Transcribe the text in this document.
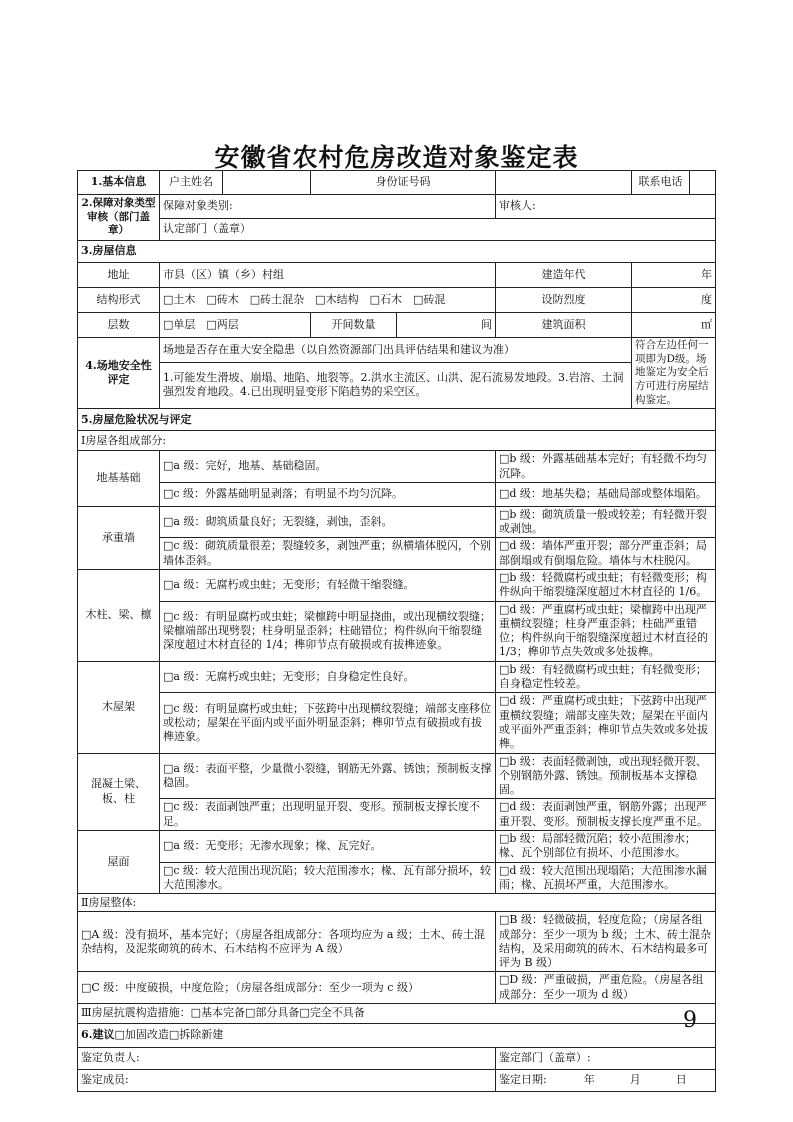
安徽省农村危房改造对象鉴定表
1.基本信息	户主姓名		身份证号码			联系电话	
2.保障对象类型审核（部门盖章）	保障对象类别:				审核人:		
	认定部门（盖章）						
3.房屋信息							
地址	市县（区）镇（乡）村组				建造年代	年	
结构形式	□土木　□砖木　□砖土混杂　□木结构　□石木　□砖混				设防烈度	度	
层数	□单层　□两层		开间数量	间	建筑面积	㎡	
4.场地安全性评定	场地是否存在重大安全隐患（以自然资源部门出具评估结果和建议为准）					符合左边任何一项即为D级。场地鉴定为安全后方可进行房屋结构鉴定。	
	1.可能发生滑坡、崩塌、地陷、地裂等。2.洪水主流区、山洪、泥石流易发地段。3.岩溶、土洞强烈发育地段。4.已出现明显变形下陷趋势的采空区。						
5.房屋危险状况与评定							
Ⅰ房屋各组成部分:							
地基基础	□a 级：完好，地基、基础稳固。				□b 级：外露基础基本完好；有轻微不均匀沉降。		
	□c 级：外露基础明显剥落；有明显不均匀沉降。				□d 级：地基失稳；基础局部或整体塌陷。		
承重墙	□a 级：砌筑质量良好；无裂缝，剥蚀，歪斜。				□b 级：砌筑质量一般或较差；有轻微开裂或剥蚀。		
	□c 级：砌筑质量很差；裂缝较多，剥蚀严重；纵横墙体脱闪，个别墙体歪斜。				□d 级：墙体严重开裂；部分严重歪斜；局部倒塌或有倒塌危险。墙体与木柱脱闪。		
木柱、梁、檩	□a 级：无腐朽或虫蛀；无变形；有轻微干缩裂缝。				□b 级：轻微腐朽或虫蛀；有轻微变形；构件纵向干缩裂缝深度超过木材直径的 1/6。		
	□c 级：有明显腐朽或虫蛀；梁檩跨中明显挠曲，或出现横纹裂缝；梁檩端部出现劈裂；柱身明显歪斜；柱础错位；构件纵向干缩裂缝深度超过木材直径的 1/4；榫卯节点有破损或有拔榫迹象。				□d 级：严重腐朽或虫蛀；梁檩跨中出现严重横纹裂缝；柱身严重歪斜；柱础严重错位；构件纵向干缩裂缝深度超过木材直径的 1/3；榫卯节点失效或多处拔榫。		
木屋架	□a 级：无腐朽或虫蛀；无变形；自身稳定性良好。				□b 级：有轻微腐朽或虫蛀；有轻微变形；自身稳定性较差。		
	□c 级：有明显腐朽或虫蛀；下弦跨中出现横纹裂缝；端部支座移位或松动；屋架在平面内或平面外明显歪斜；榫卯节点有破损或有拔榫迹象。				□d 级：严重腐朽或虫蛀；下弦跨中出现严重横纹裂缝；端部支座失效；屋架在平面内或平面外严重歪斜；榫卯节点失效或多处拔榫。		
混凝土梁、板、柱	□a 级：表面平整，少量微小裂缝，钢筋无外露、锈蚀；预制板支撑稳固。				□b 级：表面轻微剥蚀，或出现轻微开裂、个别钢筋外露、锈蚀。预制板基本支撑稳固。		
	□c 级：表面剥蚀严重；出现明显开裂、变形。预制板支撑长度不足。				□d 级：表面剥蚀严重，钢筋外露；出现严重开裂、变形。预制板支撑长度严重不足。		
屋面	□a 级：无变形；无渗水现象；椽、瓦完好。				□b 级：局部轻微沉陷；较小范围渗水；椽、瓦个别部位有损坏、小范围渗水。		
	□c 级：较大范围出现沉陷；较大范围渗水；椽、瓦有部分损坏，较大范围渗水。				□d 级：较大范围出现塌陷；大范围渗水漏雨；椽、瓦损坏严重，大范围渗水。		
Ⅱ房屋整体:							
□A 级：没有损坏，基本完好；（房屋各组成部分：各项均应为 a 级；土木、砖土混杂结构，及泥浆砌筑的砖木、石木结构不应评为 A 级）					□B 级：轻微破损，轻度危险；（房屋各组成部分：至少一项为 b 级；土木、砖土混杂结构，及采用砌筑的砖木、石木结构最多可评为 B 级）		
□C 级：中度破损，中度危险；（房屋各组成部分：至少一项为 c 级）					□D 级：严重破损，严重危险。（房屋各组成部分：至少一项为 d 级）		
Ⅲ房屋抗震构造措施：□基本完备□部分具备□完全不具备							
6.建议□加固改造□拆除新建							
鉴定负责人:					鉴定部门（盖章）:		
鉴定成员:					鉴定日期: 年 月 日		
9
